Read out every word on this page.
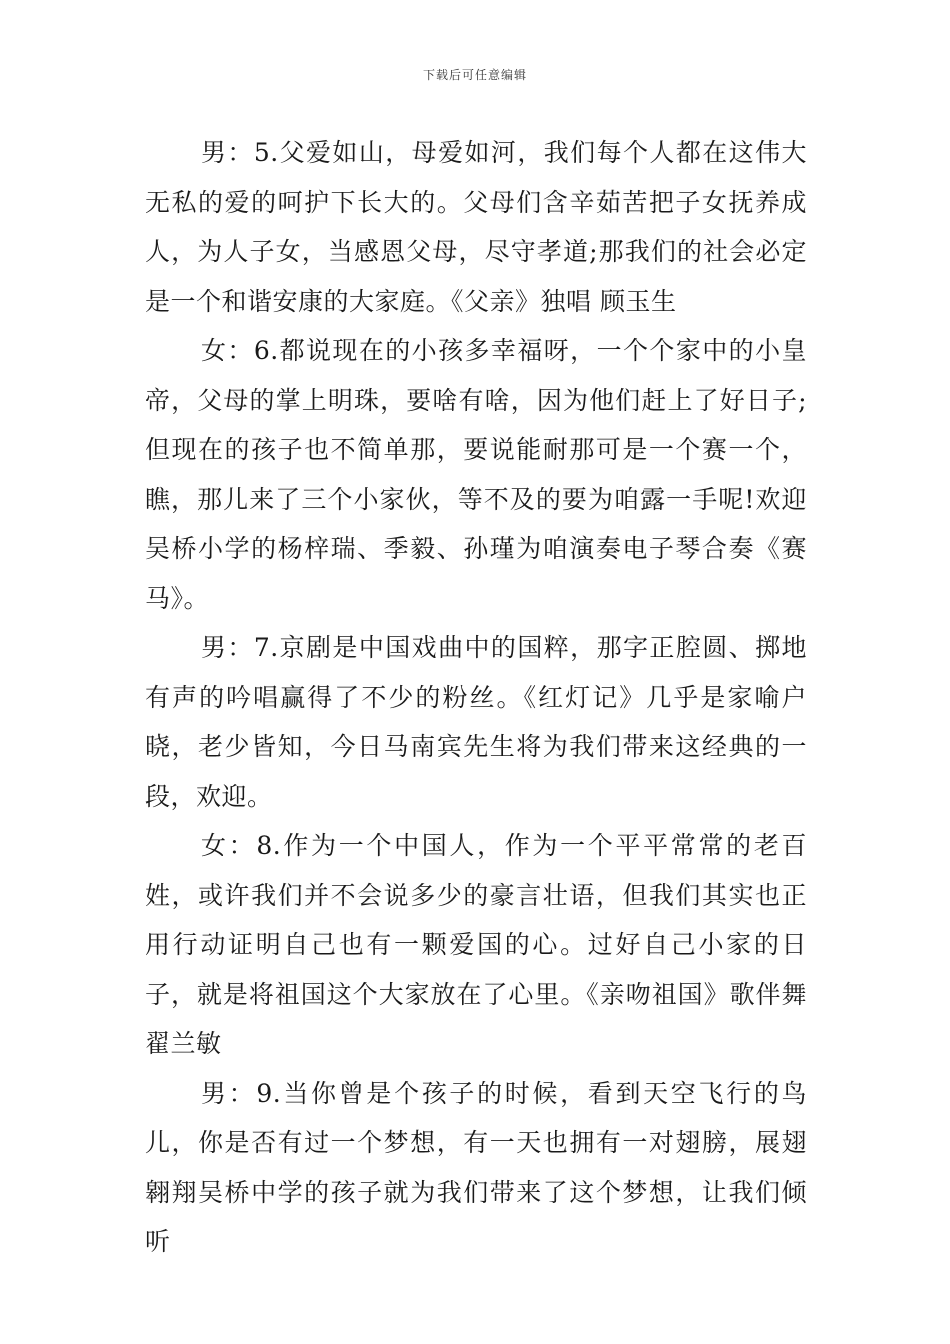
下载后可任意编辑

男：5.父爱如山，母爱如河，我们每个人都在这伟大无私的爱的呵护下长大的。父母们含辛茹苦把子女抚养成人，为人子女，当感恩父母，尽守孝道;那我们的社会必定是一个和谐安康的大家庭。《父亲》独唱 顾玉生

女：6.都说现在的小孩多幸福呀，一个个家中的小皇帝，父母的掌上明珠，要啥有啥，因为他们赶上了好日子;但现在的孩子也不简单那，要说能耐那可是一个赛一个，瞧，那儿来了三个小家伙，等不及的要为咱露一手呢!欢迎吴桥小学的杨梓瑞、季毅、孙瑾为咱演奏电子琴合奏《赛马》。

男：7.京剧是中国戏曲中的国粹，那字正腔圆、掷地有声的吟唱赢得了不少的粉丝。《红灯记》几乎是家喻户晓，老少皆知，今日马南宾先生将为我们带来这经典的一段，欢迎。

女：8.作为一个中国人，作为一个平平常常的老百姓，或许我们并不会说多少的豪言壮语，但我们其实也正用行动证明自己也有一颗爱国的心。过好自己小家的日子，就是将祖国这个大家放在了心里。《亲吻祖国》歌伴舞翟兰敏

男：9.当你曾是个孩子的时候，看到天空飞行的鸟儿，你是否有过一个梦想，有一天也拥有一对翅膀，展翅翱翔吴桥中学的孩子就为我们带来了这个梦想，让我们倾听
